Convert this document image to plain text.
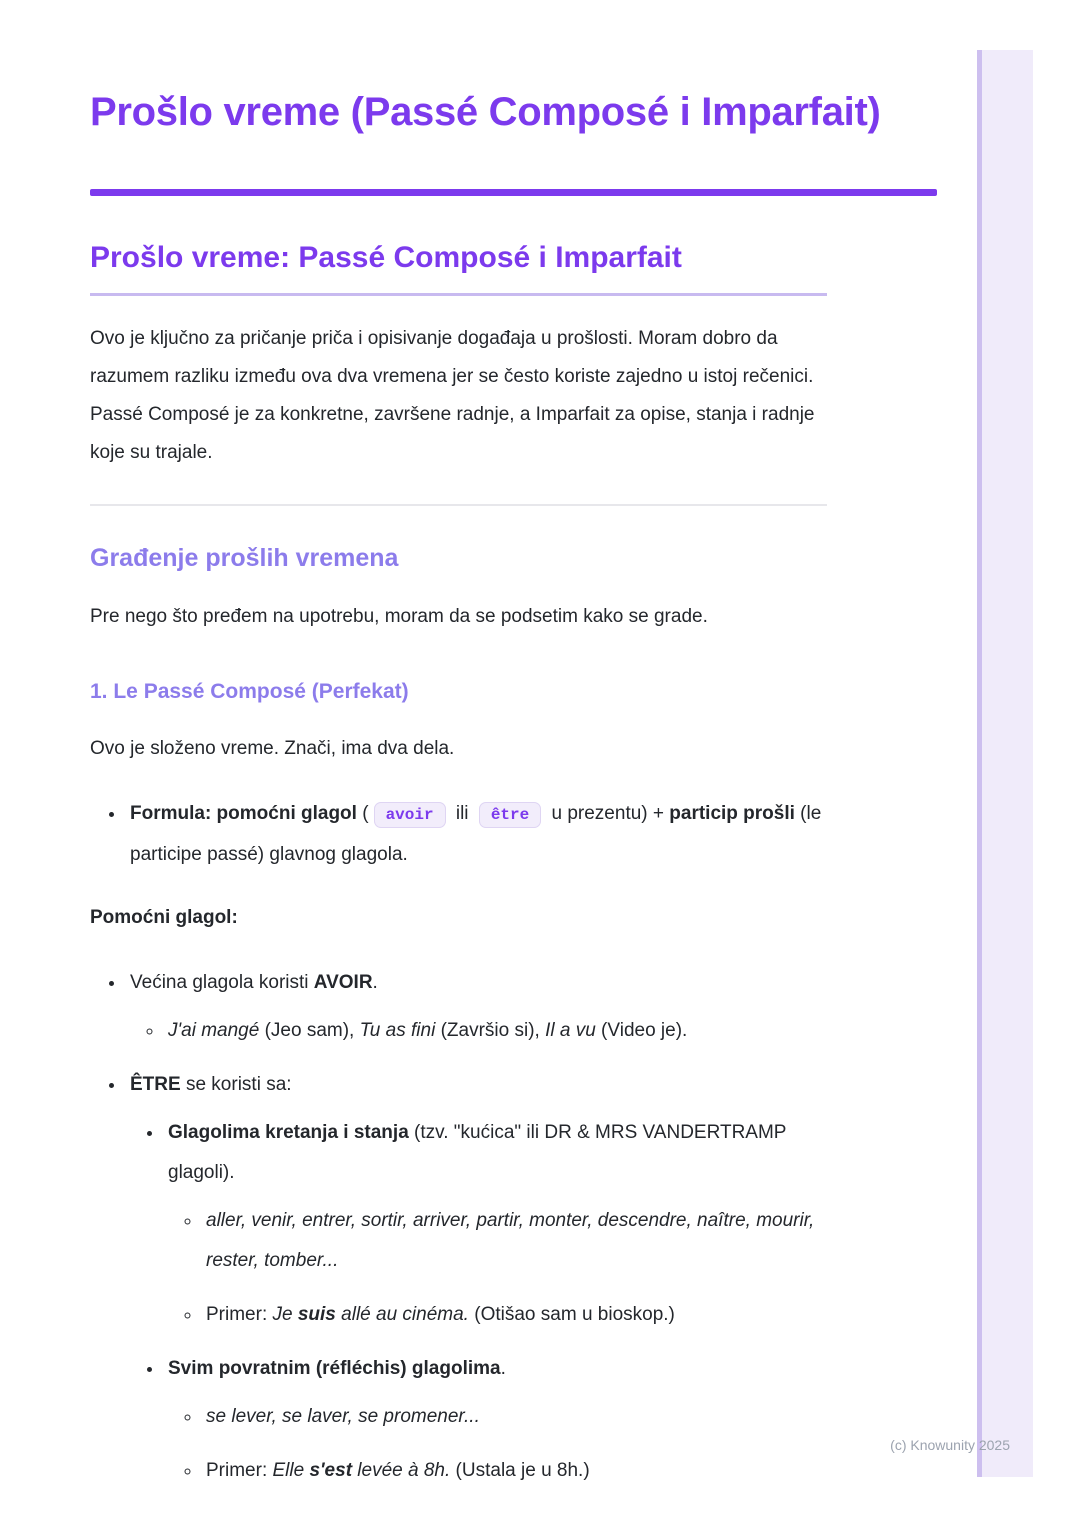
Prošlo vreme (Passé Composé i Imparfait)
Prošlo vreme: Passé Composé i Imparfait

Ovo je ključno za pričanje priča i opisivanje događaja u prošlosti. Moram dobro da razumem razliku između ova dva vremena jer se često koriste zajedno u istoj rečenici. Passé Composé je za konkretne, završene radnje, a Imparfait za opise, stanja i radnje koje su trajale.

Građenje prošlih vremena

Pre nego što pređem na upotrebu, moram da se podsetim kako se grade.

1. Le Passé Composé (Perfekat)

Ovo je složeno vreme. Znači, ima dva dela.

• Formula: pomoćni glagol ( avoir ili être u prezentu) + particip prošli (le participe passé) glavnog glagola.

Pomoćni glagol:

• Većina glagola koristi AVOIR.
◦ J'ai mangé (Jeo sam), Tu as fini (Završio si), Il a vu (Video je).
• ÊTRE se koristi sa:
• Glagolima kretanja i stanja (tzv. "kućica" ili DR & MRS VANDERTRAMP glagoli).
◦ aller, venir, entrer, sortir, arriver, partir, monter, descendre, naître, mourir, rester, tomber...
◦ Primer: Je suis allé au cinéma. (Otišao sam u bioskop.)
• Svim povratnim (réfléchis) glagolima.
◦ se lever, se laver, se promener...
◦ Primer: Elle s'est levée à 8h. (Ustala je u 8h.)
(c) Knowunity 2025
